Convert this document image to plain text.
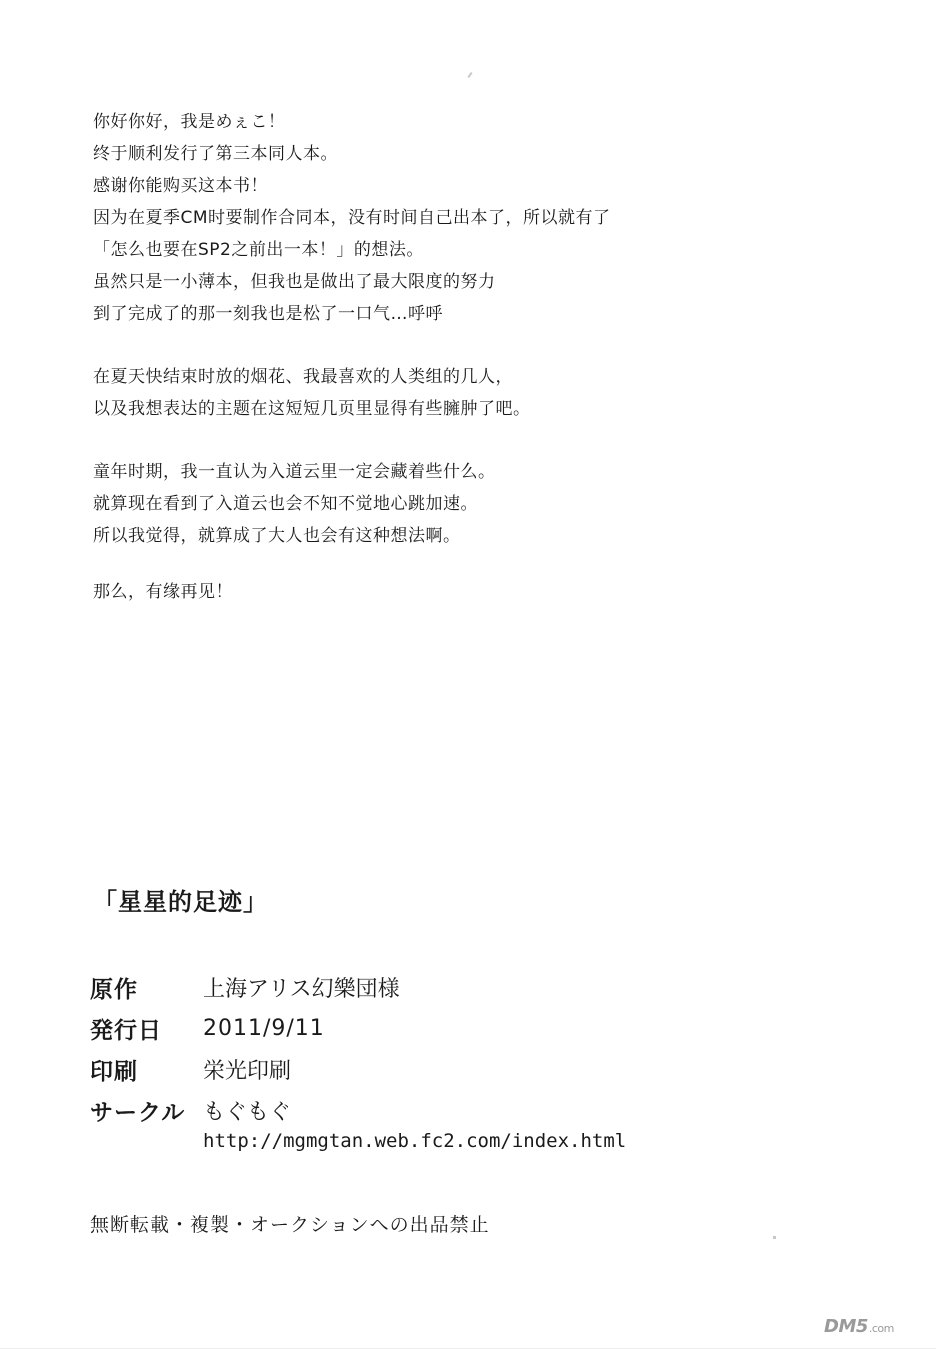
你好你好，我是めぇこ！
终于顺利发行了第三本同人本。
感谢你能购买这本书！
因为在夏季CM时要制作合同本，没有时间自己出本了，所以就有了
「怎么也要在SP2之前出一本！」的想法。
虽然只是一小薄本，但我也是做出了最大限度的努力
到了完成了的那一刻我也是松了一口气…呼呼
在夏天快结束时放的烟花、我最喜欢的人类组的几人，
以及我想表达的主题在这短短几页里显得有些臃肿了吧。
童年时期，我一直认为入道云里一定会藏着些什么。
就算现在看到了入道云也会不知不觉地心跳加速。
所以我觉得，就算成了大人也会有这种想法啊。
那么，有缘再见！
「星星的足迹」
原作	上海アリス幻樂団様
発行日	2011/9/11
印刷	栄光印刷
サークル もぐもぐ
http://mgmgtan.web.fc2.com/index.html
無断転載・複製・オークションへの出品禁止
DM5.com
